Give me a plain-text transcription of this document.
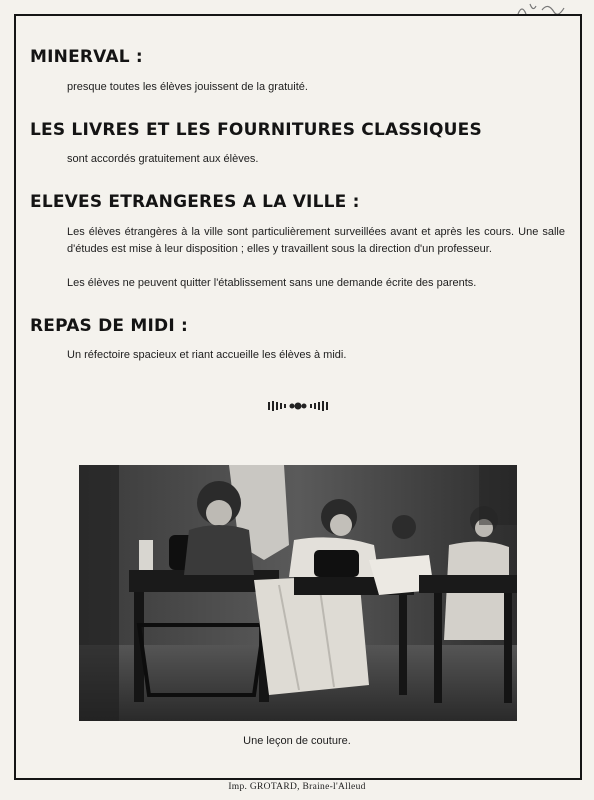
MINERVAL :

presque toutes les élèves jouissent de la gratuité.

LES LIVRES ET LES FOURNITURES CLASSIQUES

sont accordés gratuitement aux élèves.

ELEVES ETRANGERES A LA VILLE :

Les élèves étrangères à la ville sont particulièrement surveillées avant et après les cours. Une salle d'études est mise à leur disposition ; elles y travaillent sous la direction d'un professeur.

Les élèves ne peuvent quitter l'établissement sans une demande écrite des parents.

REPAS DE MIDI :

Un réfectoire spacieux et riant accueille les élèves à midi.

Une leçon de couture.
Imp. GROTARD, Braine-l'Alleud
